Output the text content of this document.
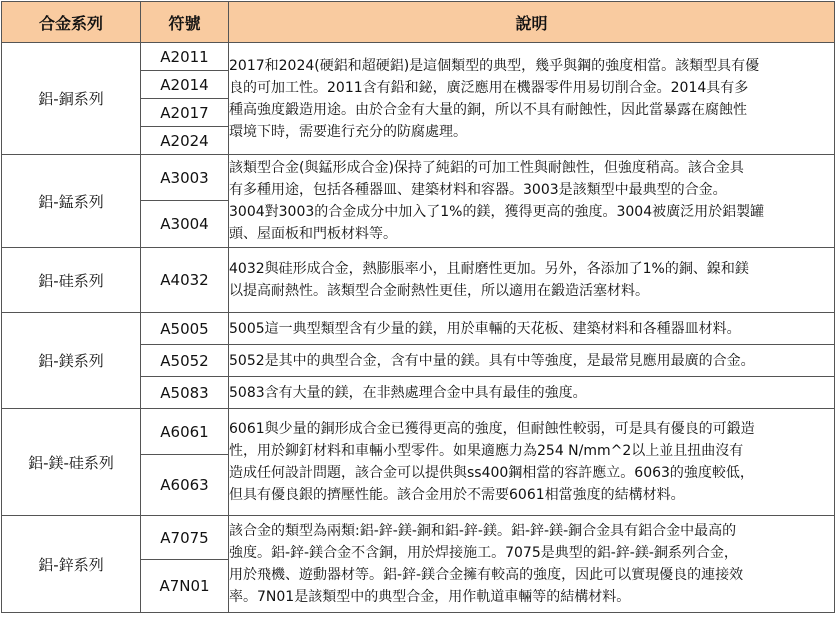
合金系列	符號	說明
鋁-銅系列	A2011	2017和2024(硬鋁和超硬鋁)是這個類型的典型，幾乎與鋼的強度相當。該類型具有優
良的可加工性。2011含有鉛和鉍，廣泛應用在機器零件用易切削合金。2014具有多
種高強度鍛造用途。由於合金有大量的銅，所以不具有耐蝕性，因此當暴露在腐蝕性
環境下時，需要進行充分的防腐處理。

	A2014	
	A2017	
	A2024	
鋁-錳系列	A3003	該類型合金(與錳形成合金)保持了純鋁的可加工性與耐蝕性，但強度稍高。該合金具
有多種用途，包括各種器皿、建築材料和容器。3003是該類型中最典型的合金。
3004對3003的合金成分中加入了1%的鎂，獲得更高的強度。3004被廣泛用於鋁製罐
頭、屋面板和門板材料等。

	A3004	
鋁-硅系列	A4032	4032與硅形成合金，熱膨脹率小，且耐磨性更加。另外，各添加了1%的銅、鎳和鎂
以提高耐熱性。該類型合金耐熱性更佳，所以適用在鍛造活塞材料。

鋁-鎂系列	A5005	5005這一典型類型含有少量的鎂，用於車輛的天花板、建築材料和各種器皿材料。
	A5052	5052是其中的典型合金，含有中量的鎂。具有中等強度，是最常見應用最廣的合金。
	A5083	5083含有大量的鎂，在非熱處理合金中具有最佳的強度。
鋁-鎂-硅系列	A6061	6061與少量的銅形成合金已獲得更高的強度，但耐蝕性較弱，可是具有優良的可鍛造
性，用於鉚釘材料和車輛小型零件。如果適應力為254 N/mm^2以上並且扭曲沒有
造成任何設計問題，該合金可以提供與ss400鋼相當的容許應立。6063的強度較低，
但具有優良銀的擠壓性能。該合金用於不需要6061相當強度的結構材料。

	A6063	
鋁-鋅系列	A7075	該合金的類型為兩類:鋁-鋅-鎂-銅和鋁-鋅-鎂。鋁-鋅-鎂-銅合金具有鋁合金中最高的
強度。鋁-鋅-鎂合金不含銅，用於焊接施工。7075是典型的鋁-鋅-鎂-銅系列合金，
用於飛機、遊動器材等。鋁-鋅-鎂合金擁有較高的強度，因此可以實現優良的連接效
率。7N01是該類型中的典型合金，用作軌道車輛等的結構材料。

	A7N01	
